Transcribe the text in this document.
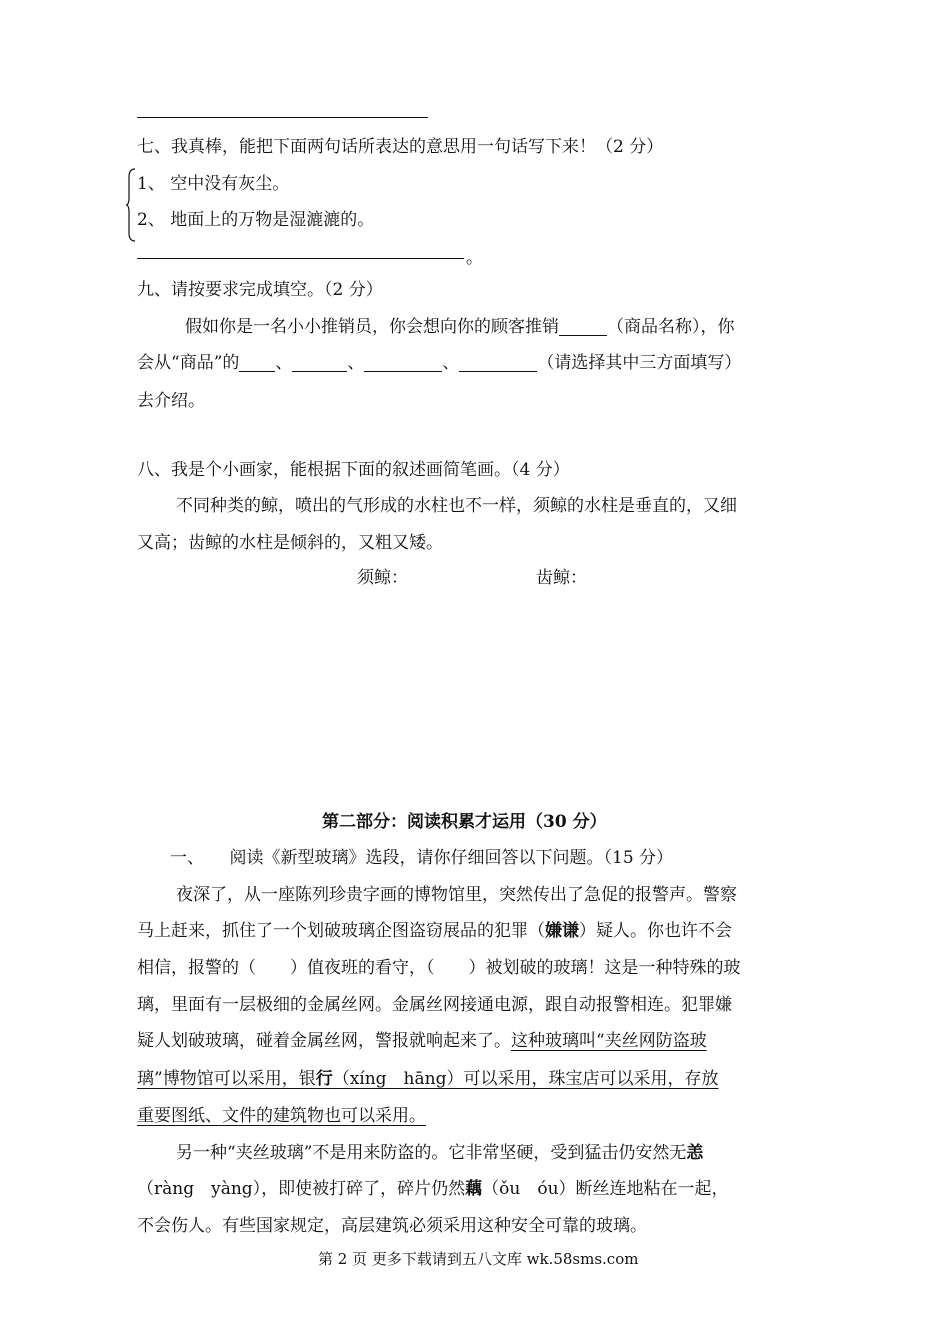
七、我真棒，能把下面两句话所表达的意思用一句话写下来！（2 分）
1、 空中没有灰尘。
2、 地面上的万物是湿漉漉的。
。
九、请按要求完成填空。（2 分）
假如你是一名小小推销员，你会想向你的顾客推销	（商品名称），你
会从“商品”的 、	、	、	（请选择其中三方面填写）
去介绍。
八、我是个小画家，能根据下面的叙述画简笔画。（4 分）
不同种类的鲸，喷出的气形成的水柱也不一样，须鲸的水柱是垂直的，又细
又高；齿鲸的水柱是倾斜的，又粗又矮。
须鲸：	齿鲸：
第二部分：阅读积累才运用（30 分）
一、　　阅读《新型玻璃》选段，请你仔细回答以下问题。（15 分）
夜深了，从一座陈列珍贵字画的博物馆里，突然传出了急促的报警声。警察
马上赶来，抓住了一个划破玻璃企图盗窃展品的犯罪（嫌谦）疑人。你也许不会
相信，报警的（　　）值夜班的看守，（　　）被划破的玻璃！这是一种特殊的玻
璃，里面有一层极细的金属丝网。金属丝网接通电源，跟自动报警相连。犯罪嫌
疑人划破玻璃，碰着金属丝网，警报就响起来了。这种玻璃叫“夹丝网防盗玻
璃”博物馆可以采用，银行（xíng　hāng）可以采用，珠宝店可以采用，存放
重要图纸、文件的建筑物也可以采用。
另一种“夹丝玻璃”不是用来防盗的。它非常坚硬，受到猛击仍安然无恙
（ràng　yàng），即使被打碎了，碎片仍然藕（ǒu　óu）断丝连地粘在一起，
不会伤人。有些国家规定，高层建筑必须采用这种安全可靠的玻璃。
第 2 页 更多下载请到五八文库 wk.58sms.com
